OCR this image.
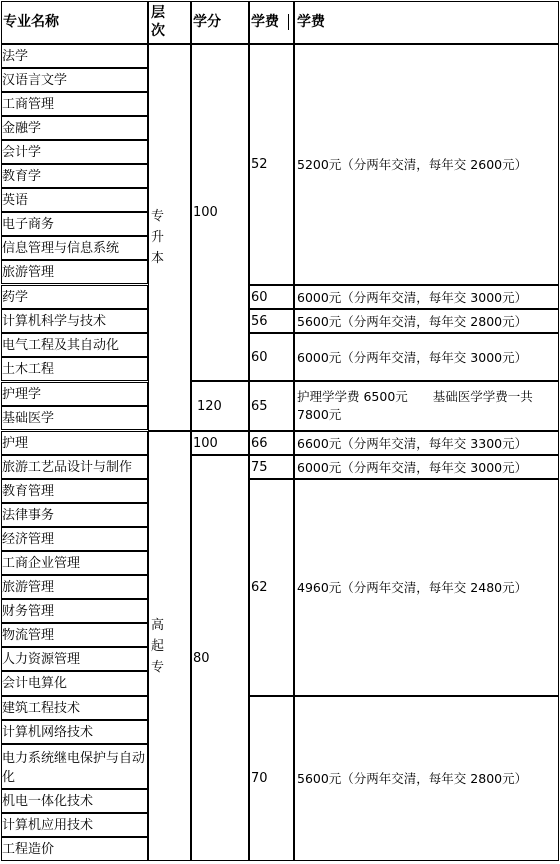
专业名称
层次
学分 学费 学费
法学
汉语言文学
工商管理
金融学
会计学
教育学
英语
电子商务
信息管理与信息系统
旅游管理
药学
计算机科学与技术
电气工程及其自动化
土木工程
护理学
基础医学
专升本
100
120
52 5200元（分两年交清，每年交 2600元）
60 6000元（分两年交清，每年交 3000元）
56 5600元（分两年交清，每年交 2800元）
60 6000元（分两年交清，每年交 3000元）
65
护理学学费 6500元　　基础医学学费一共 7800元
护理
旅游工艺品设计与制作
教育管理
法律事务
经济管理
工商企业管理
旅游管理
财务管理
物流管理
人力资源管理
会计电算化
建筑工程技术
计算机网络技术
电力系统继电保护与自动化
机电一体化技术
计算机应用技术
工程造价
高起专
100
80
66 6600元（分两年交清，每年交 3300元）
75 6000元（分两年交清，每年交 3000元）
62 4960元（分两年交清，每年交 2480元）
70 5600元（分两年交清，每年交 2800元）
